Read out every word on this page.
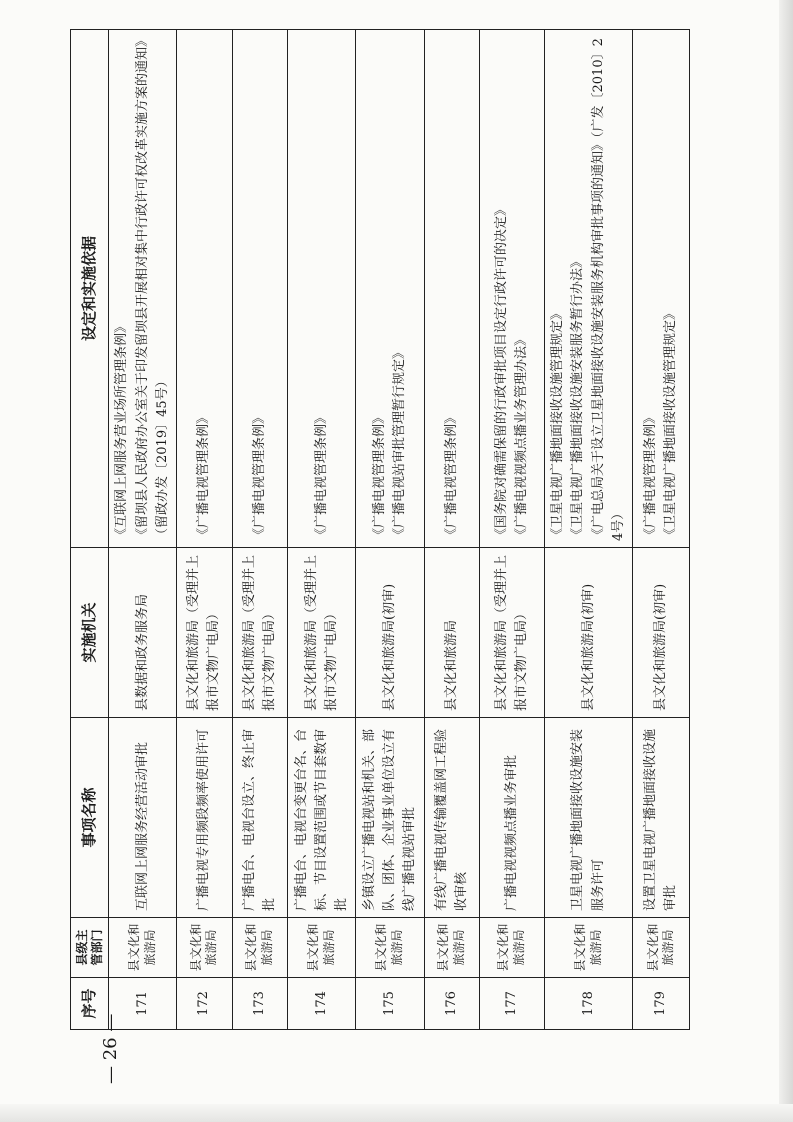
序号	县级主管部门	事项名称	实施机关	设定和实施依据
171	县文化和旅游局	互联网上网服务经营活动审批	县数据和政务服务局	《互联网上网服务营业场所管理条例》 《留坝县人民政府办公室关于印发留坝县开展相对集中行政许可权改革实施方案的通知》（留政办发〔2019〕45号）

172	县文化和旅游局	广播电视专用频段频率使用许可	县文化和旅游局（受理并上报市文物广电局）	《广播电视管理条例》

173	县文化和旅游局	广播电台、电视台设立、终止审批	县文化和旅游局（受理并上报市文物广电局）	《广播电视管理条例》

174	县文化和旅游局	广播电台、电视台变更台名、台标、节目设置范围或节目套数审批	县文化和旅游局（受理并上报市文物广电局）	《广播电视管理条例》

175	县文化和旅游局	乡镇设立广播电视站和机关、部队、团体、企业事业单位设立有线广播电视站审批	县文化和旅游局(初审)	《广播电视管理条例》 《广播电视站审批管理暂行规定》

176	县文化和旅游局	有线广播电视传输覆盖网工程验收审核	县文化和旅游局	《广播电视管理条例》

177	县文化和旅游局	广播电视视频点播业务审批	县文化和旅游局（受理并上报市文物广电局）	《国务院对确需保留的行政审批项目设定行政许可的决定》 《广播电视视频点播业务管理办法》

178	县文化和旅游局	卫星电视广播地面接收设施安装服务许可	县文化和旅游局(初审)	《卫星电视广播地面接收设施管理规定》 《卫星电视广播地面接收设施安装服务暂行办法》 《广电总局关于设立卫星地面接收设施安装服务机构审批事项的通知》（广发〔2010〕24号）

179	县文化和旅游局	设置卫星电视广播地面接收设施审批	县文化和旅游局(初审)	《广播电视管理条例》 《卫星电视广播地面接收设施管理规定》
— 26 —
